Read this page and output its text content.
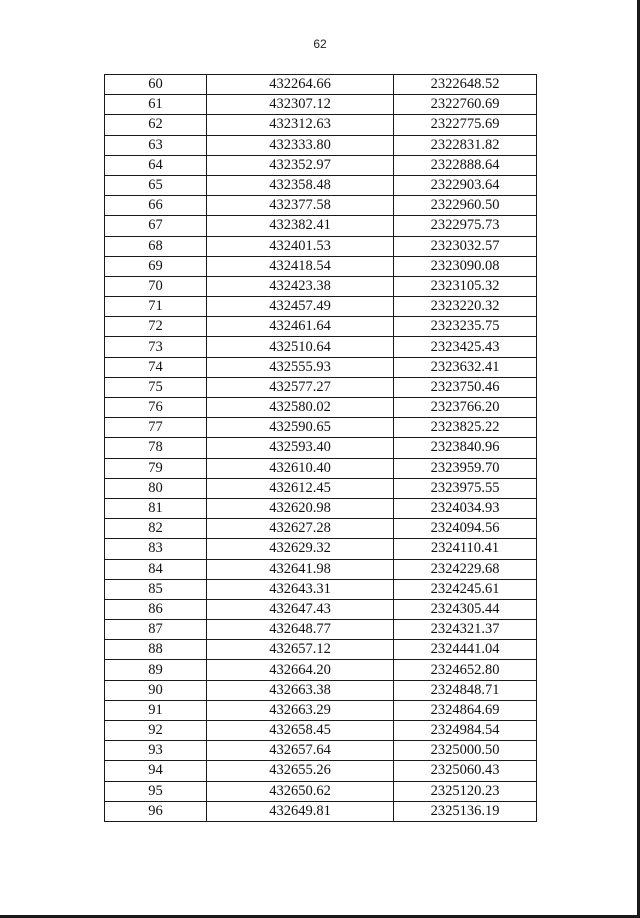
62
60	432264.66	2322648.52
61	432307.12	2322760.69
62	432312.63	2322775.69
63	432333.80	2322831.82
64	432352.97	2322888.64
65	432358.48	2322903.64
66	432377.58	2322960.50
67	432382.41	2322975.73
68	432401.53	2323032.57
69	432418.54	2323090.08
70	432423.38	2323105.32
71	432457.49	2323220.32
72	432461.64	2323235.75
73	432510.64	2323425.43
74	432555.93	2323632.41
75	432577.27	2323750.46
76	432580.02	2323766.20
77	432590.65	2323825.22
78	432593.40	2323840.96
79	432610.40	2323959.70
80	432612.45	2323975.55
81	432620.98	2324034.93
82	432627.28	2324094.56
83	432629.32	2324110.41
84	432641.98	2324229.68
85	432643.31	2324245.61
86	432647.43	2324305.44
87	432648.77	2324321.37
88	432657.12	2324441.04
89	432664.20	2324652.80
90	432663.38	2324848.71
91	432663.29	2324864.69
92	432658.45	2324984.54
93	432657.64	2325000.50
94	432655.26	2325060.43
95	432650.62	2325120.23
96	432649.81	2325136.19
